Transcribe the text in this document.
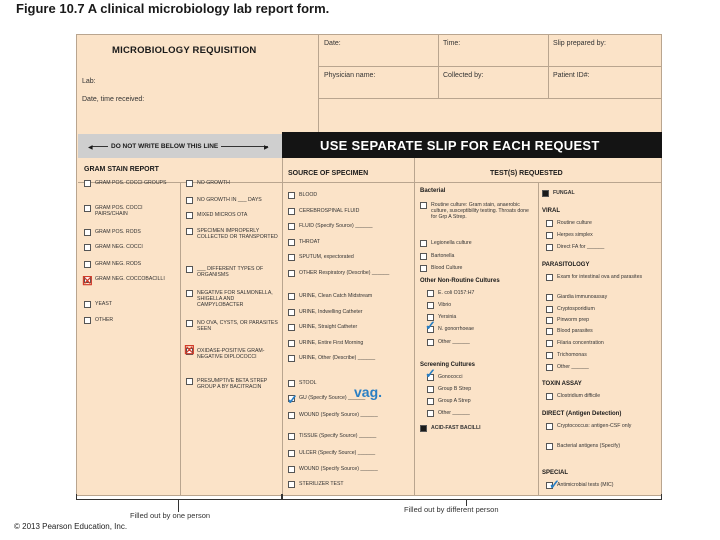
Figure 10.7 A clinical microbiology lab report form.
MICROBIOLOGY REQUISITION
Lab:
Date, time received:
Date:	Time:	Slip prepared by:
Physician name:	Collected by:	Patient ID#:
◀	▶
DO NOT WRITE BELOW THIS LINE	USE SEPARATE SLIP FOR EACH REQUEST
GRAM STAIN REPORT
SOURCE OF SPECIMEN	TEST(S) REQUESTED
GRAM POS. COCCI GROUPS
GRAM POS. COCCI PAIRS/CHAIN
GRAM POS. RODS
GRAM NEG. COCCI
GRAM NEG. RODS
GRAM NEG. COCCOBACILLI
YEAST
OTHER
NO GROWTH
NO GROWTH IN ___ DAYS
MIXED MICROS OTA
SPECIMEN IMPROPERLY COLLECTED OR TRANSPORTED
___ DIFFERENT TYPES OF ORGANISMS
NEGATIVE FOR SALMONELLA, SHIGELLA AND CAMPYLOBACTER
NO OVA, CYSTS, OR PARASITES SEEN
OXIDASE-POSITIVE GRAM-NEGATIVE DIPLOCOCCI
PRESUMPTIVE BETA STREP GROUP A BY BACITRACIN
BLOOD
CEREBROSPINAL FLUID
FLUID (Specify Source) ______
THROAT
SPUTUM, expectorated
OTHER Respiratory (Describe) ______
URINE, Clean Catch Midstream
URINE, Indwelling Catheter
URINE, Straight Catheter
URINE, Entire First Morning
URINE, Other (Describe) ______
STOOL
GU (Specify Source) ______
WOUND (Specify Source) ______
TISSUE (Specify Source) ______
ULCER (Specify Source) ______
WOUND (Specify Source) ______
STERILIZER TEST
Bacterial
Routine culture: Gram stain, anaerobic culture, susceptibility testing. Throats done for Grp A Strep.
Legionella culture
Bartonella
Blood Culture
Other Non-Routine Cultures
E. coli O157:H7
Vibrio
Yersinia
N. gonorrhoeae
Other ______
Screening Cultures
Gonococci
Group B Strep
Group A Strep
Other ______
ACID-FAST BACILLI
FUNGAL
VIRAL
Routine culture
Herpes simplex
Direct FA for ______
PARASITOLOGY
Exam for intestinal ova and parasites
Giardia immunoassay
Cryptosporidium
Pinworm prep
Blood parasites
Filaria concentration
Trichomonas
Other ______
TOXIN ASSAY
Clostridium difficile
DIRECT (Antigen Detection)
Cryptococcus: antigen-CSF only
Bacterial antigens (Specify)
SPECIAL
Antimicrobial tests (MIC)
☒
☒
✓
✓
✓
✓
vag.
Filled out by one person
Filled out by different person
© 2013 Pearson Education, Inc.
